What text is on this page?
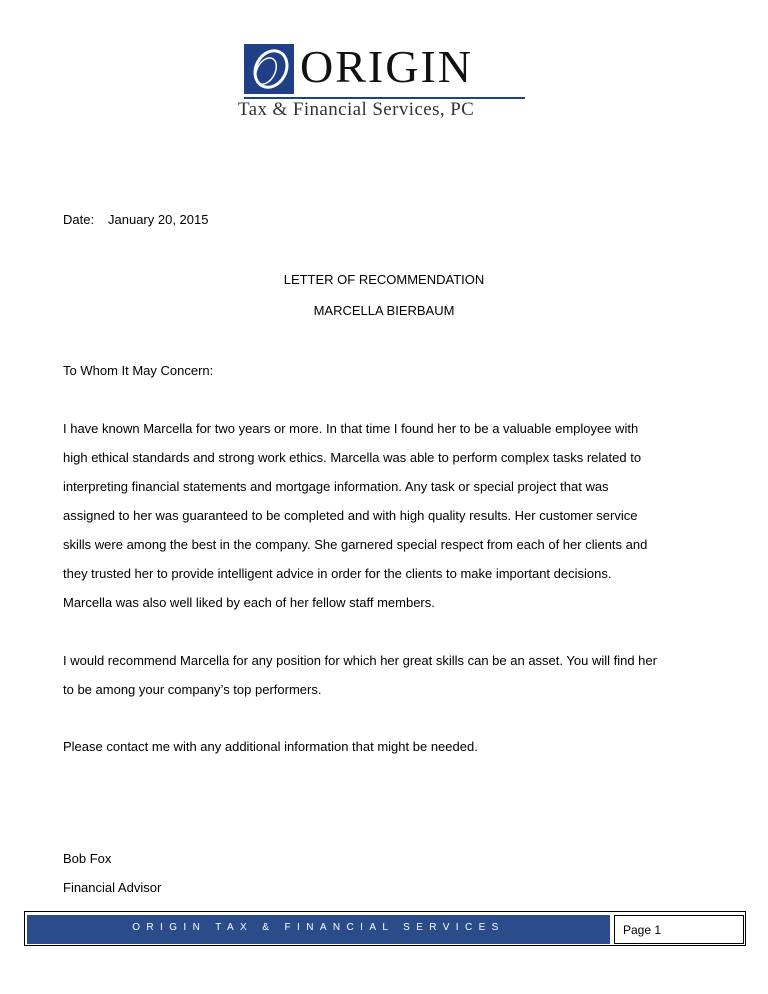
ORIGIN
Tax & Financial Services, PC
Date: January 20, 2015
LETTER OF RECOMMENDATION
MARCELLA BIERBAUM
To Whom It May Concern:
I have known Marcella for two years or more. In that time I found her to be a valuable employee with
high ethical standards and strong work ethics. Marcella was able to perform complex tasks related to
interpreting financial statements and mortgage information. Any task or special project that was
assigned to her was guaranteed to be completed and with high quality results. Her customer service
skills were among the best in the company. She garnered special respect from each of her clients and
they trusted her to provide intelligent advice in order for the clients to make important decisions.
Marcella was also well liked by each of her fellow staff members.
I would recommend Marcella for any position for which her great skills can be an asset. You will find her
to be among your company’s top performers.
Please contact me with any additional information that might be needed.
Bob Fox
Financial Advisor
ORIGIN TAX & FINANCIAL SERVICES	Page 1
